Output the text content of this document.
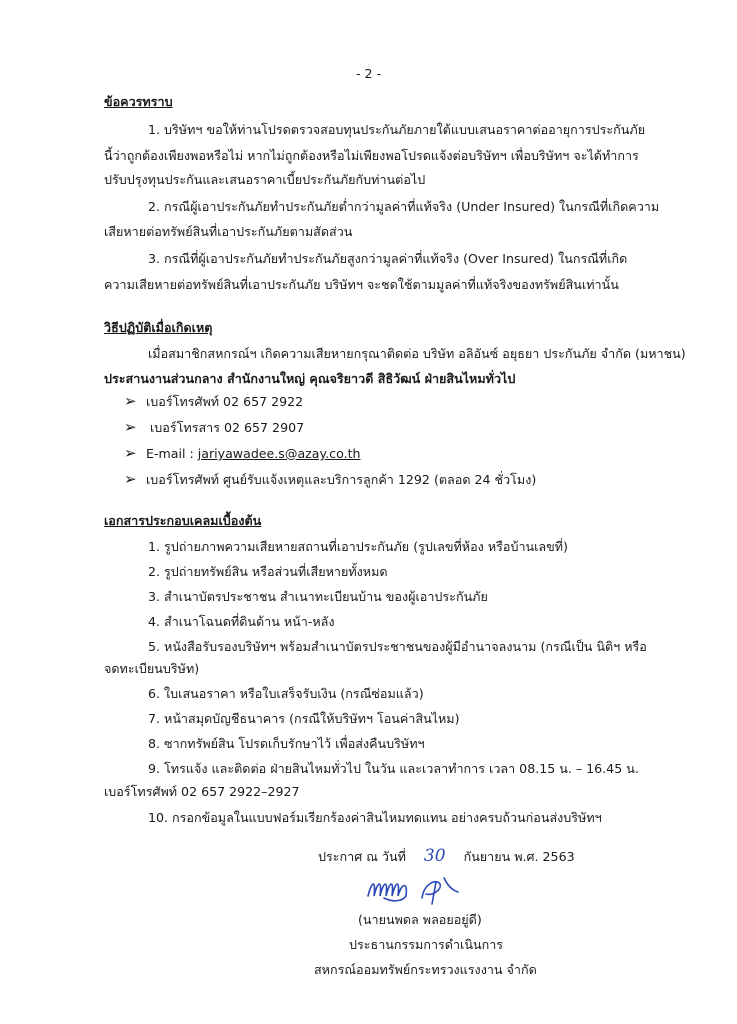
- 2 -
ข้อควรทราบ
1. บริษัทฯ ขอให้ท่านโปรดตรวจสอบทุนประกันภัยภายใต้แบบเสนอราคาต่ออายุการประกันภัย
นี้ว่าถูกต้องเพียงพอหรือไม่ หากไม่ถูกต้องหรือไม่เพียงพอโปรดแจ้งต่อบริษัทฯ เพื่อบริษัทฯ จะได้ทำการ
ปรับปรุงทุนประกันและเสนอราคาเบี้ยประกันภัยกับท่านต่อไป
2. กรณีผู้เอาประกันภัยทำประกันภัยต่ำกว่ามูลค่าที่แท้จริง (Under Insured) ในกรณีที่เกิดความ
เสียหายต่อทรัพย์สินที่เอาประกันภัยตามสัดส่วน
3. กรณีที่ผู้เอาประกันภัยทำประกันภัยสูงกว่ามูลค่าที่แท้จริง (Over Insured) ในกรณีที่เกิด
ความเสียหายต่อทรัพย์สินที่เอาประกันภัย บริษัทฯ จะชดใช้ตามมูลค่าที่แท้จริงของทรัพย์สินเท่านั้น
วิธีปฏิบัติเมื่อเกิดเหตุ
เมื่อสมาชิกสหกรณ์ฯ เกิดความเสียหายกรุณาติดต่อ บริษัท อลิอันซ์ อยุธยา ประกันภัย จำกัด (มหาชน)
ประสานงานส่วนกลาง สำนักงานใหญ่ คุณจริยาวดี สิธิวัฒน์ ฝ่ายสินไหมทั่วไป
➢ เบอร์โทรศัพท์ 02 657 2922
➢ เบอร์โทรสาร 02 657 2907
➢ E-mail : jariyawadee.s@azay.co.th
➢ เบอร์โทรศัพท์ ศูนย์รับแจ้งเหตุและบริการลูกค้า 1292 (ตลอด 24 ชั่วโมง)
เอกสารประกอบเคลมเบื้องต้น
1. รูปถ่ายภาพความเสียหายสถานที่เอาประกันภัย (รูปเลขที่ห้อง หรือบ้านเลขที่)
2. รูปถ่ายทรัพย์สิน หรือส่วนที่เสียหายทั้งหมด
3. สำเนาบัตรประชาชน สำเนาทะเบียนบ้าน ของผู้เอาประกันภัย
4. สำเนาโฉนดที่ดินด้าน หน้า-หลัง
5. หนังสือรับรองบริษัทฯ พร้อมสำเนาบัตรประชาชนของผู้มีอำนาจลงนาม (กรณีเป็น นิติฯ หรือ
จดทะเบียนบริษัท)
6. ใบเสนอราคา หรือใบเสร็จรับเงิน (กรณีซ่อมแล้ว)
7. หน้าสมุดบัญชีธนาคาร (กรณีให้บริษัทฯ โอนค่าสินไหม)
8. ซากทรัพย์สิน โปรดเก็บรักษาไว้ เพื่อส่งคืนบริษัทฯ
9. โทรแจ้ง และติดต่อ ฝ่ายสินไหมทั่วไป ในวัน และเวลาทำการ เวลา 08.15 น. – 16.45 น.
เบอร์โทรศัพท์ 02 657 2922–2927
10. กรอกข้อมูลในแบบฟอร์มเรียกร้องค่าสินไหมทดแทน อย่างครบถ้วนก่อนส่งบริษัทฯ
ประกาศ ณ วันที่ 30 กันยายน พ.ศ. 2563
(นายนพดล พลอยอยู่ดี)
ประธานกรรมการดำเนินการ
สหกรณ์ออมทรัพย์กระทรวงแรงงาน จำกัด
